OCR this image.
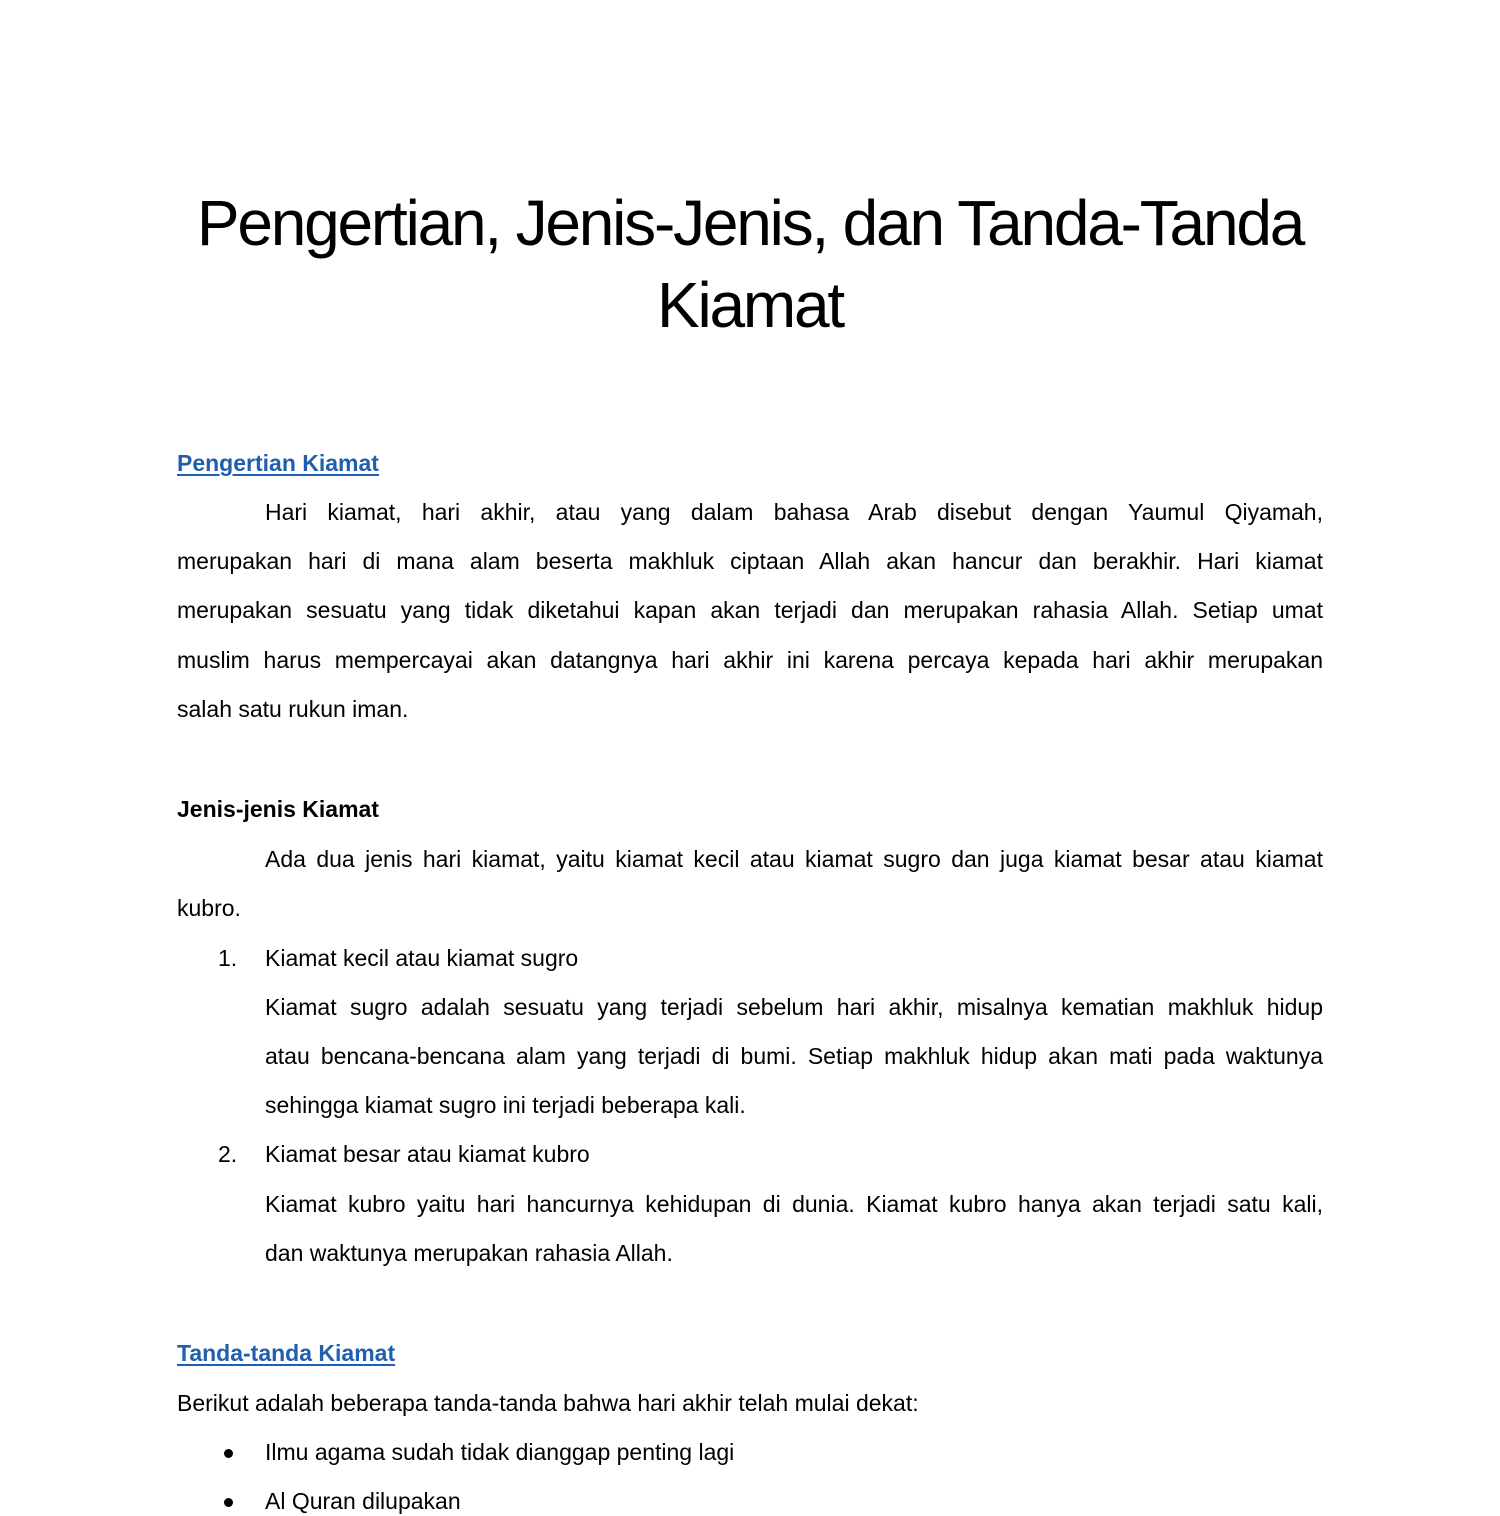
Pengertian, Jenis-Jenis, dan Tanda-Tanda Kiamat
Pengertian Kiamat
Hari kiamat, hari akhir, atau yang dalam bahasa Arab disebut dengan Yaumul Qiyamah,
merupakan hari di mana alam beserta makhluk ciptaan Allah akan hancur dan berakhir. Hari kiamat
merupakan sesuatu yang tidak diketahui kapan akan terjadi dan merupakan rahasia Allah. Setiap umat
muslim harus mempercayai akan datangnya hari akhir ini karena percaya kepada hari akhir merupakan
salah satu rukun iman.
Jenis-jenis Kiamat
Ada dua jenis hari kiamat, yaitu kiamat kecil atau kiamat sugro dan juga kiamat besar atau kiamat
kubro.
1. Kiamat kecil atau kiamat sugro
Kiamat sugro adalah sesuatu yang terjadi sebelum hari akhir, misalnya kematian makhluk hidup
atau bencana-bencana alam yang terjadi di bumi. Setiap makhluk hidup akan mati pada waktunya
sehingga kiamat sugro ini terjadi beberapa kali.
2. Kiamat besar atau kiamat kubro
Kiamat kubro yaitu hari hancurnya kehidupan di dunia. Kiamat kubro hanya akan terjadi satu kali,
dan waktunya merupakan rahasia Allah.
Tanda-tanda Kiamat
Berikut adalah beberapa tanda-tanda bahwa hari akhir telah mulai dekat:
Ilmu agama sudah tidak dianggap penting lagi
Al Quran dilupakan
